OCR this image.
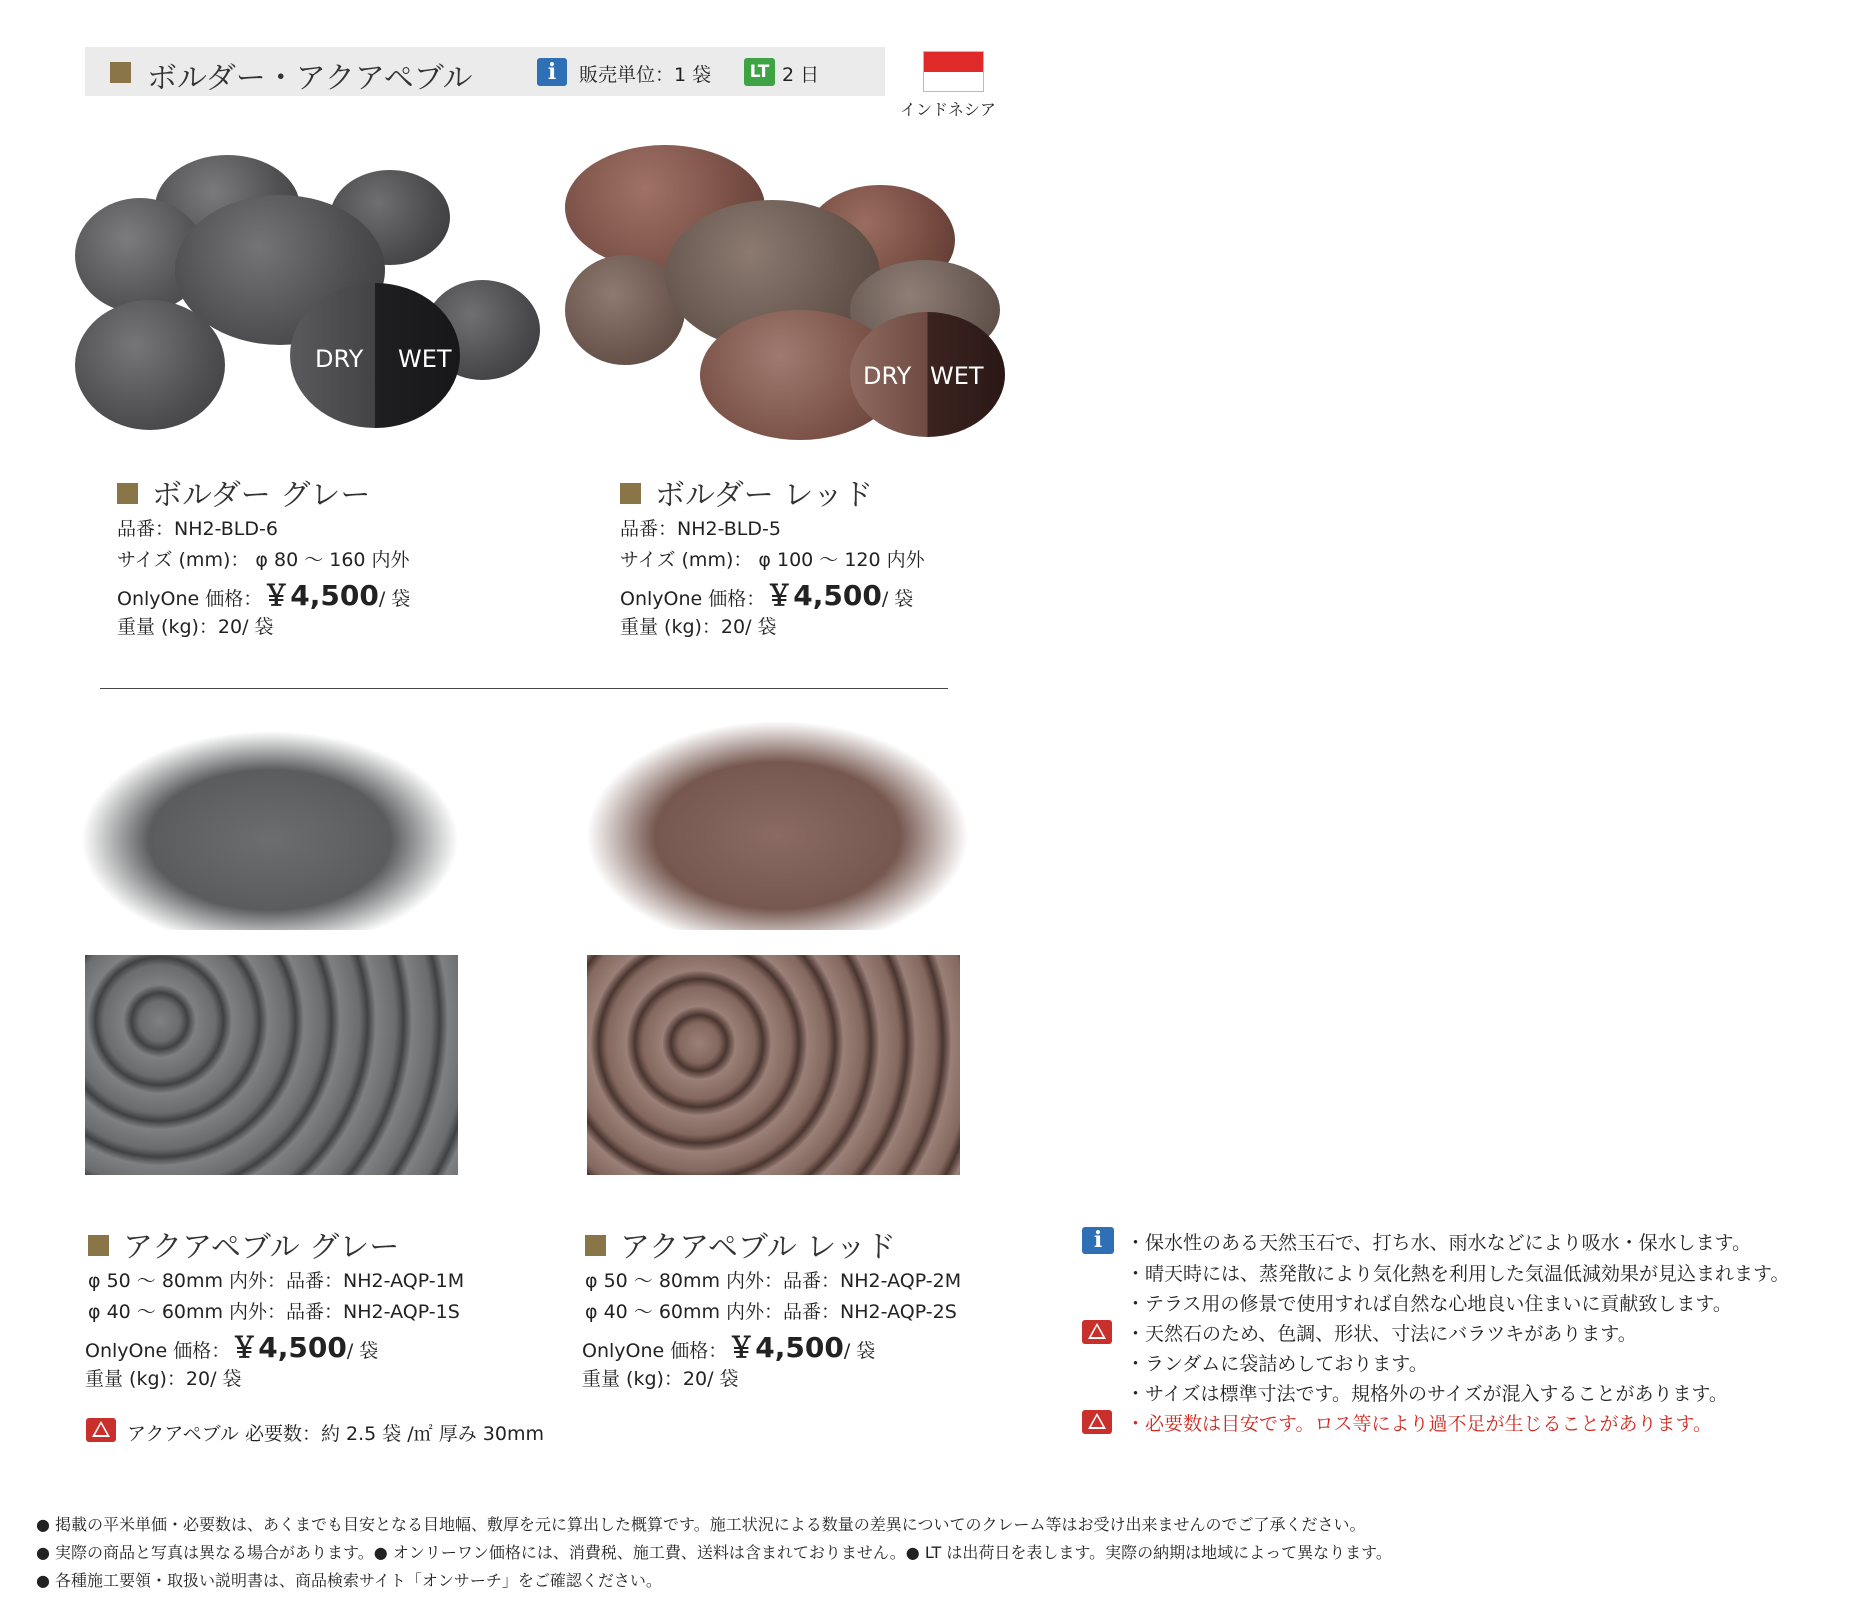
ボルダー・アクアペブル	i	販売単位：1 袋	LT 2 日
インドネシア
DRY WET
DRY WET
ボルダー グレー
品番：NH2-BLD-6
サイズ (mm)： φ 80 ～ 160 内外
OnlyOne 価格：￥4,500/ 袋
重量 (kg)：20/ 袋
ボルダー レッド
品番：NH2-BLD-5
サイズ (mm)： φ 100 ～ 120 内外
OnlyOne 価格：￥4,500/ 袋
重量 (kg)：20/ 袋
アクアペブル グレー
φ 50 ～ 80mm 内外：品番：NH2-AQP-1M
φ 40 ～ 60mm 内外：品番：NH2-AQP-1S
OnlyOne 価格：￥4,500/ 袋
重量 (kg)：20/ 袋
アクアペブル レッド
φ 50 ～ 80mm 内外：品番：NH2-AQP-2M
φ 40 ～ 60mm 内外：品番：NH2-AQP-2S
OnlyOne 価格：￥4,500/ 袋
重量 (kg)：20/ 袋
アクアペブル 必要数：約 2.5 袋 /㎡ 厚み 30mm
i	・保水性のある天然玉石で、打ち水、雨水などにより吸水・保水します。
・晴天時には、蒸発散により気化熱を利用した気温低減効果が見込まれます。
・テラス用の修景で使用すれば自然な心地良い住まいに貢献致します。
・天然石のため、色調、形状、寸法にバラツキがあります。
・ランダムに袋詰めしております。
・サイズは標準寸法です。規格外のサイズが混入することがあります。
・必要数は目安です。ロス等により過不足が生じることがあります。
● 掲載の平米単価・必要数は、あくまでも目安となる目地幅、敷厚を元に算出した概算です。施工状況による数量の差異についてのクレーム等はお受け出来ませんのでご了承ください。
● 実際の商品と写真は異なる場合があります。● オンリーワン価格には、消費税、施工費、送料は含まれておりません。● LT は出荷日を表します。実際の納期は地域によって異なります。
● 各種施工要領・取扱い説明書は、商品検索サイト「オンサーチ」をご確認ください。
